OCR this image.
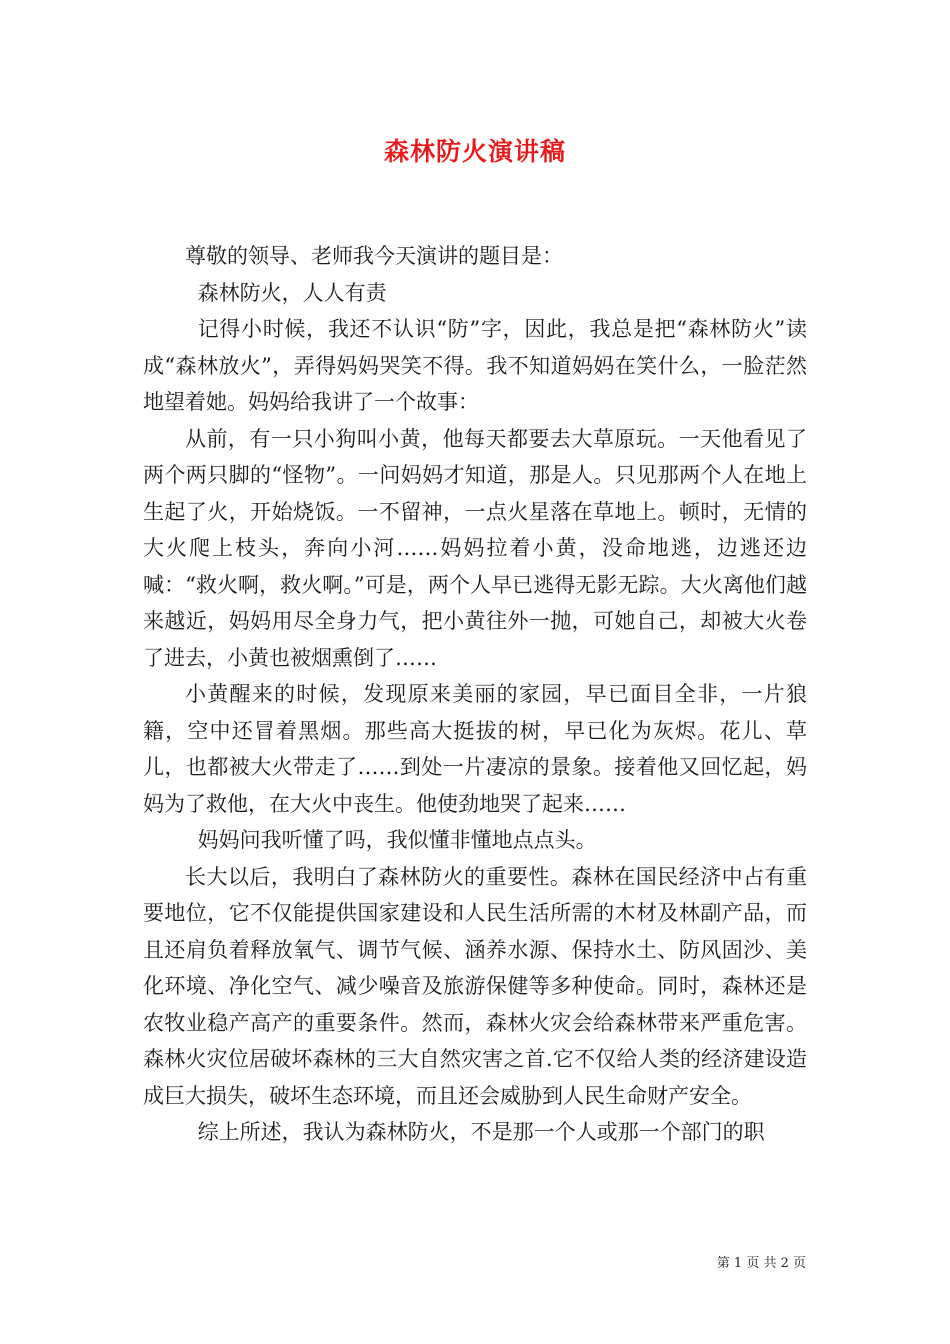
森林防火演讲稿

尊敬的领导、老师我今天演讲的题目是：

森林防火，人人有责

记得小时候，我还不认识“防”字，因此，我总是把“森林防火”读成“森林放火”，弄得妈妈哭笑不得。我不知道妈妈在笑什么，一脸茫然地望着她。妈妈给我讲了一个故事：

从前，有一只小狗叫小黄，他每天都要去大草原玩。一天他看见了两个两只脚的“怪物”。一问妈妈才知道，那是人。只见那两个人在地上生起了火，开始烧饭。一不留神，一点火星落在草地上。顿时，无情的大火爬上枝头，奔向小河……妈妈拉着小黄，没命地逃，边逃还边喊：“救火啊，救火啊。”可是，两个人早已逃得无影无踪。大火离他们越来越近，妈妈用尽全身力气，把小黄往外一抛，可她自己，却被大火卷了进去，小黄也被烟熏倒了……

小黄醒来的时候，发现原来美丽的家园，早已面目全非，一片狼籍，空中还冒着黑烟。那些高大挺拔的树，早已化为灰烬。花儿、草儿，也都被大火带走了……到处一片凄凉的景象。接着他又回忆起，妈妈为了救他，在大火中丧生。他使劲地哭了起来……

妈妈问我听懂了吗，我似懂非懂地点点头。

长大以后，我明白了森林防火的重要性。森林在国民经济中占有重要地位，它不仅能提供国家建设和人民生活所需的木材及林副产品，而且还肩负着释放氧气、调节气候、涵养水源、保持水土、防风固沙、美化环境、净化空气、减少噪音及旅游保健等多种使命。同时，森林还是农牧业稳产高产的重要条件。然而，森林火灾会给森林带来严重危害。森林火灾位居破坏森林的三大自然灾害之首.它不仅给人类的经济建设造成巨大损失，破坏生态环境，而且还会威胁到人民生命财产安全。

综上所述，我认为森林防火，不是那一个人或那一个部门的职

第 1 页 共 2 页
